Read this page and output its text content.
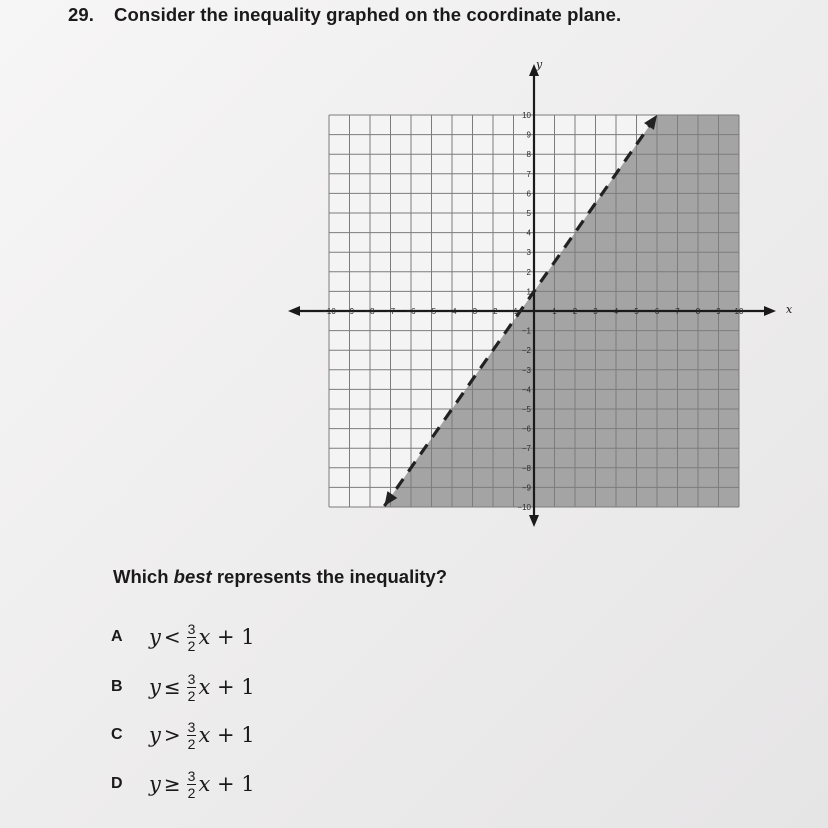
29. Consider the inequality graphed on the coordinate plane.
x
y
−10 −9 −8 −7 −6 −5 −4 −3 −2 −1	1 2 3 4 5 6 7 8 9 10
−10
−9
−8
−7
−6
−5
−4
−3
−2
−1
1
2
3
4
5
6
7
8
9
10
Which best represents the inequality?
A	$y < \frac{3}{2}$ x + 1
B	$y \le \frac{3}{2}$ x + 1
C	$y > \frac{3}{2}$ x + 1
D	$y \ge \frac{3}{2}$ x + 1
